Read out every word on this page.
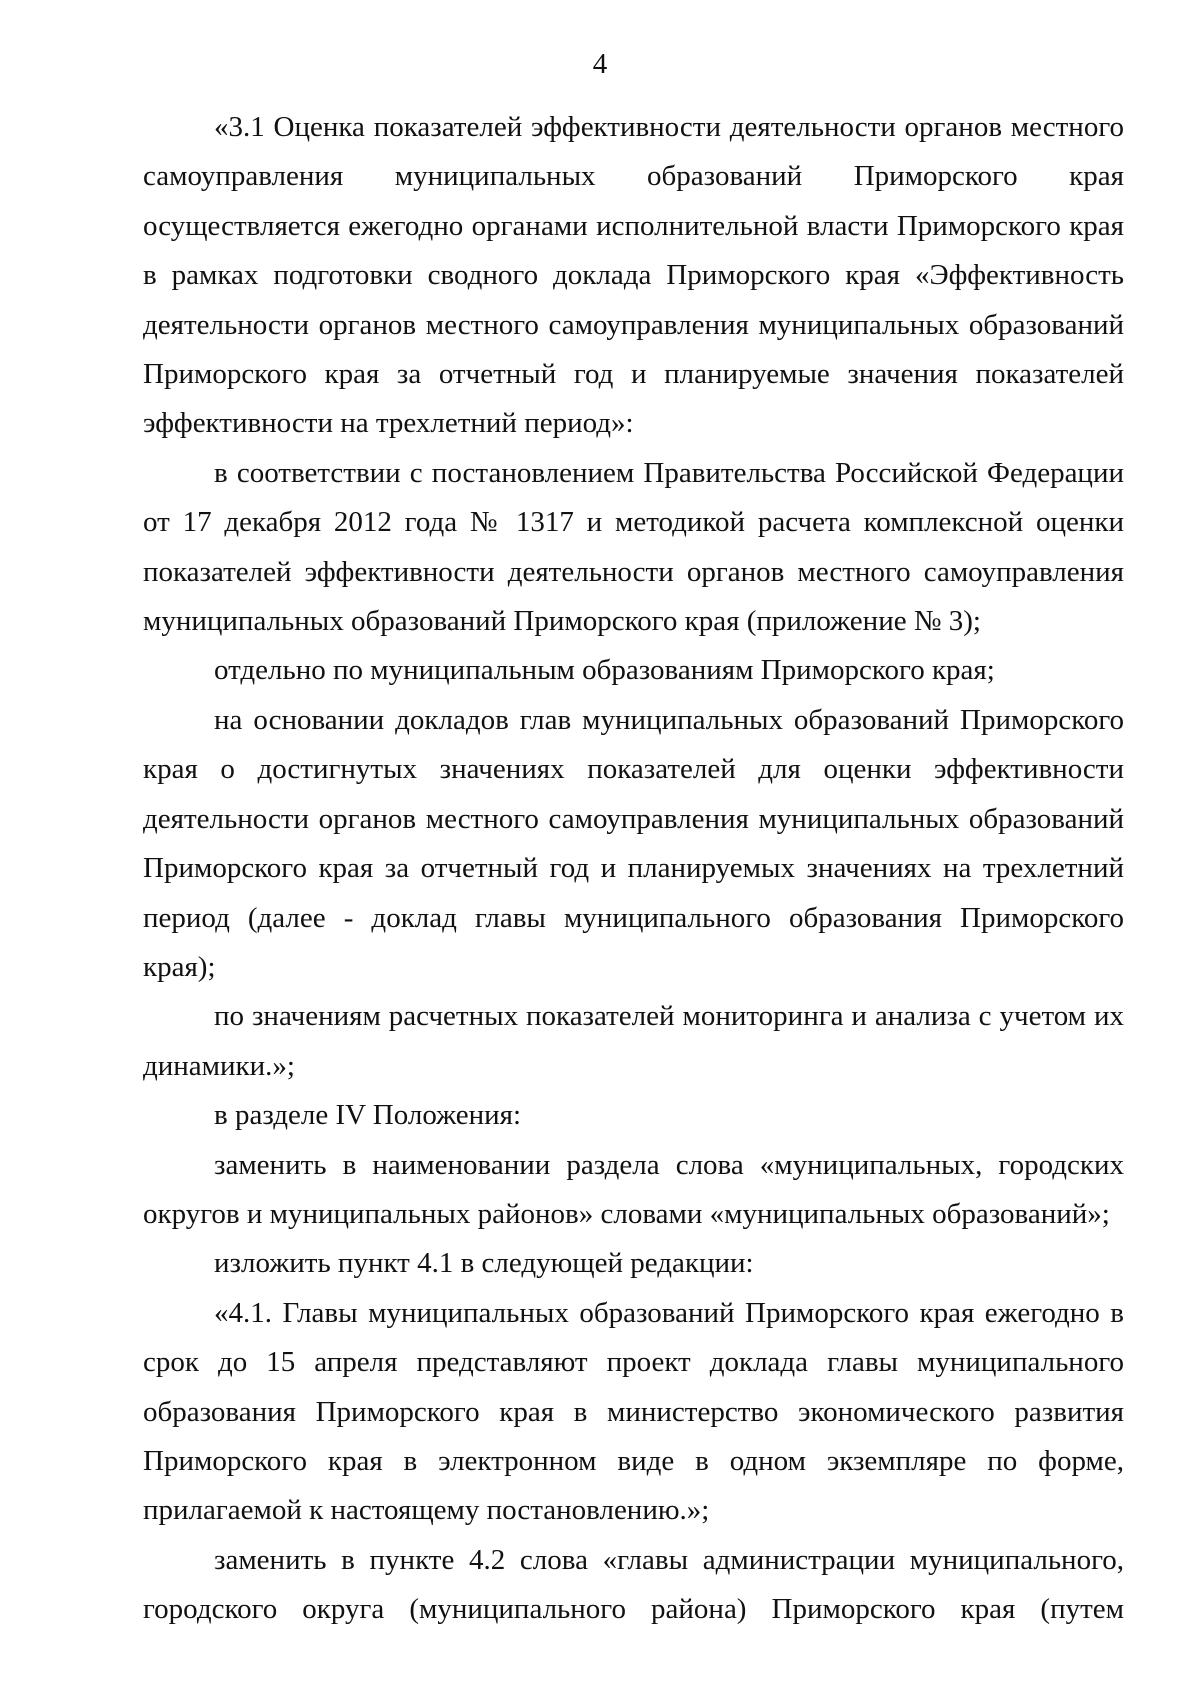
4

«3.1 Оценка показателей эффективности деятельности органов местного самоуправления муниципальных образований Приморского края осуществляется ежегодно органами исполнительной власти Приморского края в рамках подготовки сводного доклада Приморского края «Эффективность деятельности органов местного самоуправления муниципальных образований Приморского края за отчетный год и планируемые значения показателей эффективности на трехлетний период»:

в соответствии с постановлением Правительства Российской Федерации от 17 декабря 2012 года № 1317 и методикой расчета комплексной оценки показателей эффективности деятельности органов местного самоуправления муниципальных образований Приморского края (приложение № 3);

отдельно по муниципальным образованиям Приморского края;

на основании докладов глав муниципальных образований Приморского края о достигнутых значениях показателей для оценки эффективности деятельности органов местного самоуправления муниципальных образований Приморского края за отчетный год и планируемых значениях на трехлетний период (далее - доклад главы муниципального образования Приморского края);

по значениям расчетных показателей мониторинга и анализа с учетом их динамики.»;

в разделе IV Положения:

заменить в наименовании раздела слова «муниципальных, городских округов и муниципальных районов» словами «муниципальных образований»;

изложить пункт 4.1 в следующей редакции:

«4.1. Главы муниципальных образований Приморского края ежегодно в срок до 15 апреля представляют проект доклада главы муниципального образования Приморского края в министерство экономического развития Приморского края в электронном виде в одном экземпляре по форме, прилагаемой к настоящему постановлению.»;

заменить в пункте 4.2 слова «главы администрации муниципального, городского округа (муниципального района) Приморского края (путем
